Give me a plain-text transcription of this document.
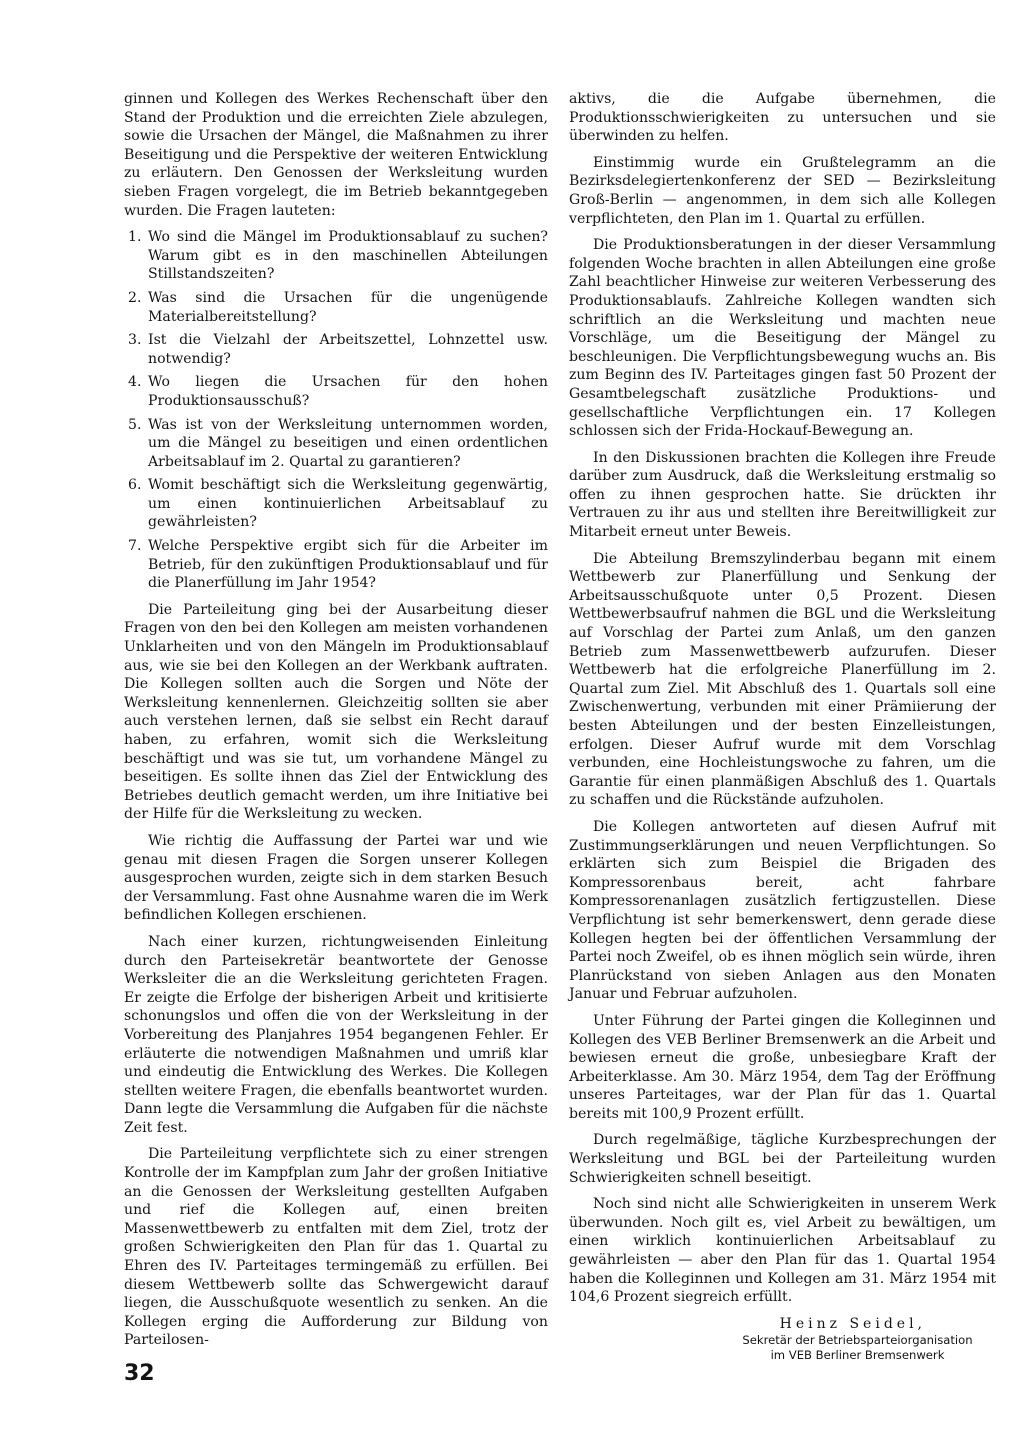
ginnen und Kollegen des Werkes Rechenschaft über den Stand der Produktion und die erreichten Ziele abzulegen, sowie die Ursachen der Mängel, die Maßnahmen zu ihrer Beseitigung und die Perspektive der weiteren Entwicklung zu erläutern. Den Genossen der Werksleitung wurden sieben Fragen vorgelegt, die im Betrieb bekanntgegeben wurden. Die Fragen lauteten:

1. Wo sind die Mängel im Produktionsablauf zu suchen? Warum gibt es in den maschinellen Abteilungen Stillstandszeiten?
2. Was sind die Ursachen für die ungenügende Materialbereitstellung?
3. Ist die Vielzahl der Arbeitszettel, Lohnzettel usw. notwendig?
4. Wo liegen die Ursachen für den hohen Produktionsausschuß?
5. Was ist von der Werksleitung unternommen worden, um die Mängel zu beseitigen und einen ordentlichen Arbeitsablauf im 2. Quartal zu garantieren?
6. Womit beschäftigt sich die Werksleitung gegenwärtig, um einen kontinuierlichen Arbeitsablauf zu gewährleisten?
7. Welche Perspektive ergibt sich für die Arbeiter im Betrieb, für den zukünftigen Produktionsablauf und für die Planerfüllung im Jahr 1954?

Die Parteileitung ging bei der Ausarbeitung dieser Fragen von den bei den Kollegen am meisten vorhandenen Unklarheiten und von den Mängeln im Produktionsablauf aus, wie sie bei den Kollegen an der Werkbank auftraten. Die Kollegen sollten auch die Sorgen und Nöte der Werksleitung kennenlernen. Gleichzeitig sollten sie aber auch verstehen lernen, daß sie selbst ein Recht darauf haben, zu erfahren, womit sich die Werksleitung beschäftigt und was sie tut, um vorhandene Mängel zu beseitigen. Es sollte ihnen das Ziel der Entwicklung des Betriebes deutlich gemacht werden, um ihre Initiative bei der Hilfe für die Werksleitung zu wecken.

Wie richtig die Auffassung der Partei war und wie genau mit diesen Fragen die Sorgen unserer Kollegen ausgesprochen wurden, zeigte sich in dem starken Besuch der Versammlung. Fast ohne Ausnahme waren die im Werk befindlichen Kollegen erschienen.

Nach einer kurzen, richtungweisenden Einleitung durch den Parteisekretär beantwortete der Genosse Werksleiter die an die Werksleitung gerichteten Fragen. Er zeigte die Erfolge der bisherigen Arbeit und kritisierte schonungslos und offen die von der Werksleitung in der Vorbereitung des Planjahres 1954 begangenen Fehler. Er erläuterte die notwendigen Maßnahmen und umriß klar und eindeutig die Entwicklung des Werkes. Die Kollegen stellten weitere Fragen, die ebenfalls beantwortet wurden. Dann legte die Versammlung die Aufgaben für die nächste Zeit fest.

Die Parteileitung verpflichtete sich zu einer strengen Kontrolle der im Kampfplan zum Jahr der großen Initiative an die Genossen der Werksleitung gestellten Aufgaben und rief die Kollegen auf, einen breiten Massenwettbewerb zu entfalten mit dem Ziel, trotz der großen Schwierigkeiten den Plan für das 1. Quartal zu Ehren des IV. Parteitages termingemäß zu erfüllen. Bei diesem Wettbewerb sollte das Schwergewicht darauf liegen, die Ausschußquote wesentlich zu senken. An die Kollegen erging die Aufforderung zur Bildung von Parteilosen-

aktivs, die die Aufgabe übernehmen, die Produktionsschwierigkeiten zu untersuchen und sie überwinden zu helfen.

Einstimmig wurde ein Grußtelegramm an die Bezirksdelegiertenkonferenz der SED — Bezirksleitung Groß-Berlin — angenommen, in dem sich alle Kollegen verpflichteten, den Plan im 1. Quartal zu erfüllen.

Die Produktionsberatungen in der dieser Versammlung folgenden Woche brachten in allen Abteilungen eine große Zahl beachtlicher Hinweise zur weiteren Verbesserung des Produktionsablaufs. Zahlreiche Kollegen wandten sich schriftlich an die Werksleitung und machten neue Vorschläge, um die Beseitigung der Mängel zu beschleunigen. Die Verpflichtungsbewegung wuchs an. Bis zum Beginn des IV. Parteitages gingen fast 50 Prozent der Gesamtbelegschaft zusätzliche Produktions- und gesellschaftliche Verpflichtungen ein. 17 Kollegen schlossen sich der Frida-Hockauf-Bewegung an.

In den Diskussionen brachten die Kollegen ihre Freude darüber zum Ausdruck, daß die Werksleitung erstmalig so offen zu ihnen gesprochen hatte. Sie drückten ihr Vertrauen zu ihr aus und stellten ihre Bereitwilligkeit zur Mitarbeit erneut unter Beweis.

Die Abteilung Bremszylinderbau begann mit einem Wettbewerb zur Planerfüllung und Senkung der Arbeitsausschußquote unter 0,5 Prozent. Diesen Wettbewerbsaufruf nahmen die BGL und die Werksleitung auf Vorschlag der Partei zum Anlaß, um den ganzen Betrieb zum Massenwettbewerb aufzurufen. Dieser Wettbewerb hat die erfolgreiche Planerfüllung im 2. Quartal zum Ziel. Mit Abschluß des 1. Quartals soll eine Zwischenwertung, verbunden mit einer Prämiierung der besten Abteilungen und der besten Einzelleistungen, erfolgen. Dieser Aufruf wurde mit dem Vorschlag verbunden, eine Hochleistungswoche zu fahren, um die Garantie für einen planmäßigen Abschluß des 1. Quartals zu schaffen und die Rückstände aufzuholen.

Die Kollegen antworteten auf diesen Aufruf mit Zustimmungserklärungen und neuen Verpflichtungen. So erklärten sich zum Beispiel die Brigaden des Kompressorenbaus bereit, acht fahrbare Kompressorenanlagen zusätzlich fertigzustellen. Diese Verpflichtung ist sehr bemerkenswert, denn gerade diese Kollegen hegten bei der öffentlichen Versammlung der Partei noch Zweifel, ob es ihnen möglich sein würde, ihren Planrückstand von sieben Anlagen aus den Monaten Januar und Februar aufzuholen.

Unter Führung der Partei gingen die Kolleginnen und Kollegen des VEB Berliner Bremsenwerk an die Arbeit und bewiesen erneut die große, unbesiegbare Kraft der Arbeiterklasse. Am 30. März 1954, dem Tag der Eröffnung unseres Parteitages, war der Plan für das 1. Quartal bereits mit 100,9 Prozent erfüllt.

Durch regelmäßige, tägliche Kurzbesprechungen der Werksleitung und BGL bei der Parteileitung wurden Schwierigkeiten schnell beseitigt.

Noch sind nicht alle Schwierigkeiten in unserem Werk überwunden. Noch gilt es, viel Arbeit zu bewältigen, um einen wirklich kontinuierlichen Arbeitsablauf zu gewährleisten — aber den Plan für das 1. Quartal 1954 haben die Kolleginnen und Kollegen am 31. März 1954 mit 104,6 Prozent siegreich erfüllt.

Heinz Seidel,
Sekretär der Betriebsparteiorganisation
im VEB Berliner Bremsenwerk
32
